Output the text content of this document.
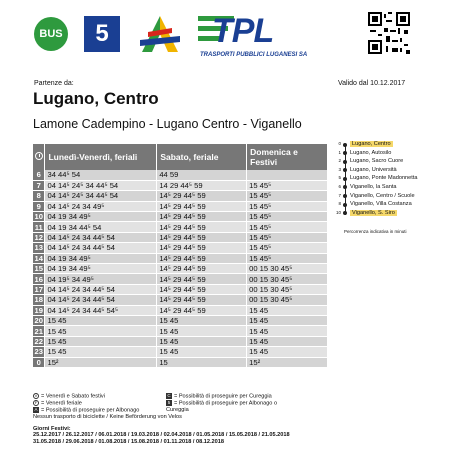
BUS	5	TPL
TRASPORTI PUBBLICI LUGANESI SA
Partenze da:	Valido dal 10.12.2017
Lugano, Centro
Lamone Cadempino - Lugano Centro - Viganello
	Lunedì-Venerdì, feriali	Sabato, feriale	Domenica e Festivi
6	34 44⁵ 54	44 59	
7	04 14⁵ 24⁵ 34 44⁵ 54	14 29 44⁵ 59	15 45⁵
8	04 14⁵ 24⁵ 34 44⁵ 54	14⁵ 29 44⁵ 59	15 45⁵
9	04 14⁵ 24 34 49⁵	14⁵ 29 44⁵ 59	15 45⁵
10	04 19 34 49⁵	14⁵ 29 44⁵ 59	15 45⁵
11	04 19 34 44⁵ 54	14⁵ 29 44⁵ 59	15 45⁵
12	04 14⁵ 24 34 44⁵ 54	14⁵ 29 44⁵ 59	15 45⁵
13	04 14⁵ 24 34 44⁵ 54	14⁵ 29 44⁵ 59	15 45⁵
14	04 19 34 49⁵	14⁵ 29 44⁵ 59	15 45⁵
15	04 19 34 49⁵	14⁵ 29 44⁵ 59	00 15 30 45⁵
16	04 19⁵ 34 49⁵	14⁵ 29 44⁵ 59	00 15 30 45⁵
17	04 14⁵ 24 34 44⁵ 54	14⁵ 29 44⁵ 59	00 15 30 45⁵
18	04 14⁵ 24 34 44⁵ 54	14⁵ 29 44⁵ 59	00 15 30 45⁵
19	04 14⁵ 24 34 44⁵ 54⁵	14⁵ 29 44⁵ 59	15 45
20	15 45	15 45	15 45
21	15 45	15 45	15 45
22	15 45	15 45	15 45
23	15 45	15 45	15 45
0	15²	15	15²
0 Lugano, Centro
1 Lugano, Autosilo
2 Lugano, Sacro Cuore
3 Lugano, Università
5 Lugano, Ponte Madonnetta
6 Viganello, la Santa
7 Viganello, Centro / Scuole
8 Viganello, Villa Costanza
10 Viganello, S. Siro
Percorrenza indicativa in minuti
V = Venerdì e Sabato festivi
F = Venerdì feriale
A = Possibilità di proseguire per Albonago
Nessun trasporto di biciclette / Keine Beförderung von Velos
C = Possibilità di proseguire per Cureggia
5 = Possibilità di proseguire per Albonago o Cureggia
Giorni Festivi:
25.12.2017 / 26.12.2017 / 06.01.2018 / 19.03.2018 / 02.04.2018 / 01.05.2018 / 15.05.2018 / 21.05.2018
31.05.2018 / 29.06.2018 / 01.08.2018 / 15.08.2018 / 01.11.2018 / 08.12.2018
